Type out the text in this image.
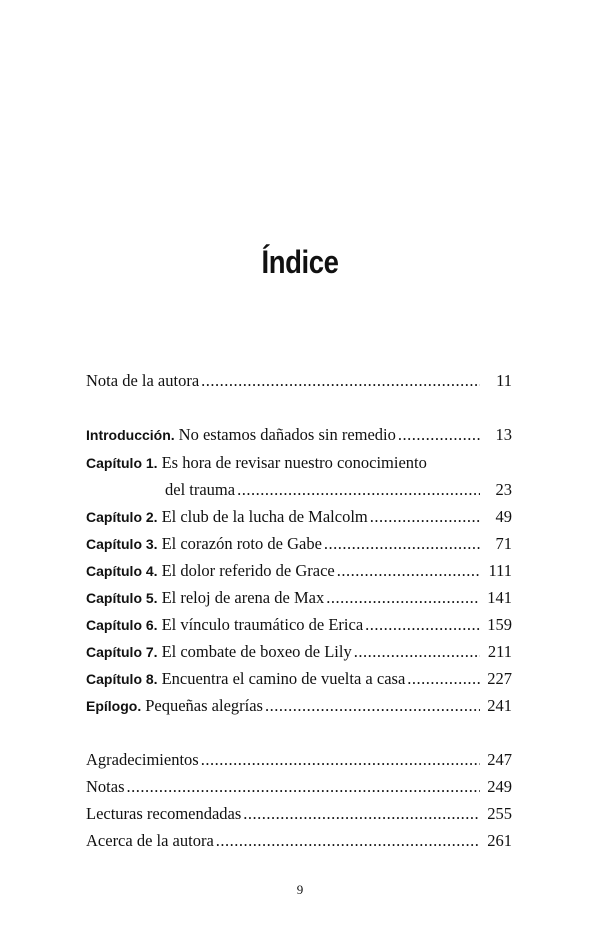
Índice
Nota de la autora .....	11
Introducción. No estamos dañados sin remedio .....	13
Capítulo 1. Es hora de revisar nuestro conocimiento
del trauma .....	23
Capítulo 2. El club de la lucha de Malcolm .....	49
Capítulo 3. El corazón roto de Gabe .....	71
Capítulo 4. El dolor referido de Grace .....	111
Capítulo 5. El reloj de arena de Max .....	141
Capítulo 6. El vínculo traumático de Erica .....	159
Capítulo 7. El combate de boxeo de Lily .....	211
Capítulo 8. Encuentra el camino de vuelta a casa .....	227
Epílogo. Pequeñas alegrías .....	241
Agradecimientos .....	247
Notas .....	249
Lecturas recomendadas .....	255
Acerca de la autora .....	261
9
